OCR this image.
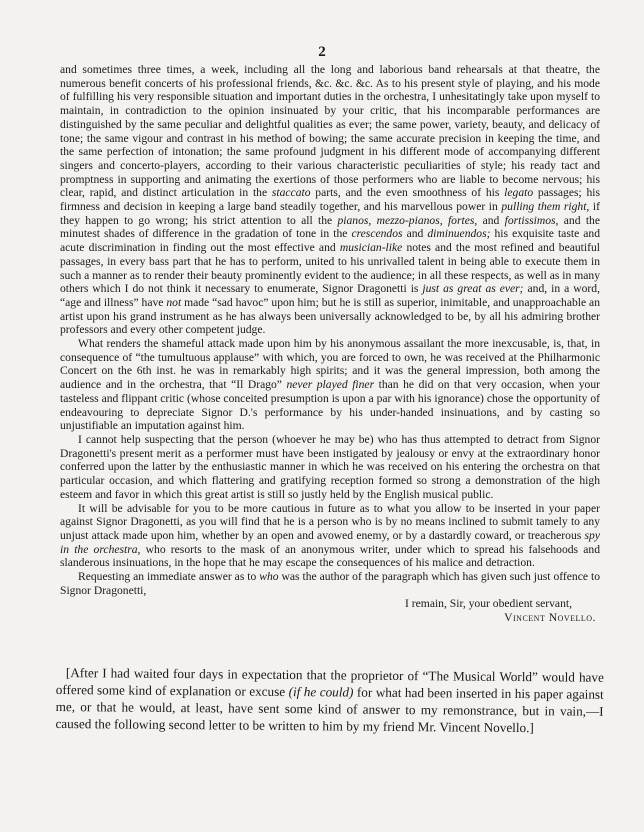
2

and sometimes three times, a week, including all the long and laborious band rehearsals at that theatre, the numerous benefit concerts of his professional friends, &c. &c. &c. As to his present style of playing, and his mode of fulfilling his very responsible situation and important duties in the orchestra, I unhesitatingly take upon myself to maintain, in contradiction to the opinion insinuated by your critic, that his incomparable performances are distinguished by the same peculiar and delightful qualities as ever; the same power, variety, beauty, and delicacy of tone; the same vigour and contrast in his method of bowing; the same accurate precision in keeping the time, and the same perfection of intonation; the same profound judgment in his different mode of accompanying different singers and concerto-players, according to their various characteristic peculiarities of style; his ready tact and promptness in supporting and animating the exertions of those performers who are liable to become nervous; his clear, rapid, and distinct articulation in the staccato parts, and the even smoothness of his legato passages; his firmness and decision in keeping a large band steadily together, and his marvellous power in pulling them right, if they happen to go wrong; his strict attention to all the pianos, mezzo-pianos, fortes, and fortissimos, and the minutest shades of difference in the gradation of tone in the crescendos and diminuendos; his exquisite taste and acute discrimination in finding out the most effective and musician-like notes and the most refined and beautiful passages, in every bass part that he has to perform, united to his unrivalled talent in being able to execute them in such a manner as to render their beauty prominently evident to the audience; in all these respects, as well as in many others which I do not think it necessary to enumerate, Signor Dragonetti is just as great as ever; and, in a word, “age and illness” have not made “sad havoc” upon him; but he is still as superior, inimitable, and unapproachable an artist upon his grand instrument as he has always been universally acknowledged to be, by all his admiring brother professors and every other competent judge.

What renders the shameful attack made upon him by his anonymous assailant the more inexcusable, is, that, in consequence of “the tumultuous applause” with which, you are forced to own, he was received at the Philharmonic Concert on the 6th inst. he was in remarkably high spirits; and it was the general impression, both among the audience and in the orchestra, that “Il Drago” never played finer than he did on that very occasion, when your tasteless and flippant critic (whose conceited presumption is upon a par with his ignorance) chose the opportunity of endeavouring to depreciate Signor D.'s performance by his under-handed insinuations, and by casting so unjustifiable an imputation against him.

I cannot help suspecting that the person (whoever he may be) who has thus attempted to detract from Signor Dragonetti's present merit as a performer must have been instigated by jealousy or envy at the extraordinary honor conferred upon the latter by the enthusiastic manner in which he was received on his entering the orchestra on that particular occasion, and which flattering and gratifying reception formed so strong a demonstration of the high esteem and favor in which this great artist is still so justly held by the English musical public.

It will be advisable for you to be more cautious in future as to what you allow to be inserted in your paper against Signor Dragonetti, as you will find that he is a person who is by no means inclined to submit tamely to any unjust attack made upon him, whether by an open and avowed enemy, or by a dastardly coward, or treacherous spy in the orchestra, who resorts to the mask of an anonymous writer, under which to spread his falsehoods and slanderous insinuations, in the hope that he may escape the consequences of his malice and detraction.

Requesting an immediate answer as to who was the author of the paragraph which has given such just offence to Signor Dragonetti,

I remain, Sir, your obedient servant,

Vincent Novello.

[After I had waited four days in expectation that the proprietor of “The Musical World” would have offered some kind of explanation or excuse (if he could) for what had been inserted in his paper against me, or that he would, at least, have sent some kind of answer to my remonstrance, but in vain,—I caused the following second letter to be written to him by my friend Mr. Vincent Novello.]
